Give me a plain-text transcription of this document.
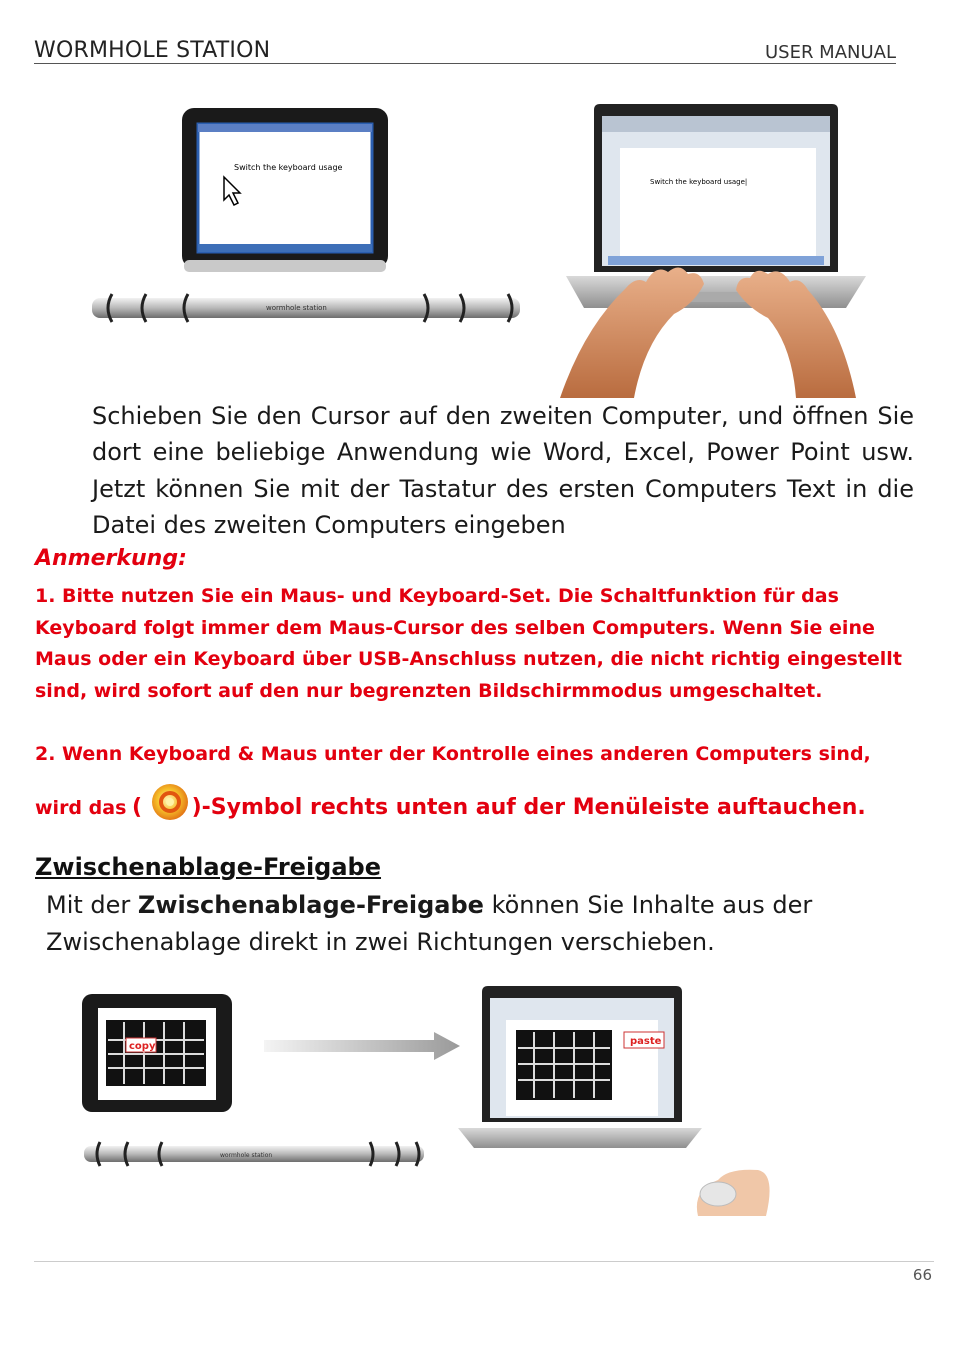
WORMHOLE STATION	USER MANUAL
Switch the keyboard usage
wormhole station
Switch the keyboard usage|
Schieben Sie den Cursor auf den zweiten Computer, und öffnen Sie dort eine beliebige Anwendung wie Word, Excel, Power Point usw. Jetzt können Sie mit der Tastatur des ersten Computers Text in die Datei des zweiten Computers eingeben
Anmerkung:
1. Bitte nutzen Sie ein Maus- und Keyboard-Set. Die Schaltfunktion für das Keyboard folgt immer dem Maus-Cursor des selben Computers. Wenn Sie eine Maus oder ein Keyboard über USB-Anschluss nutzen, die nicht richtig eingestellt sind, wird sofort auf den nur begrenzten Bildschirmmodus umgeschaltet.
2. Wenn Keyboard & Maus unter der Kontrolle eines anderen Computers sind,
wird das ( )-Symbol rechts unten auf der Menüleiste auftauchen.
Zwischenablage-Freigabe
Mit der Zwischenablage-Freigabe können Sie Inhalte aus der Zwischenablage direkt in zwei Richtungen verschieben.
copy	paste
wormhole station
66
